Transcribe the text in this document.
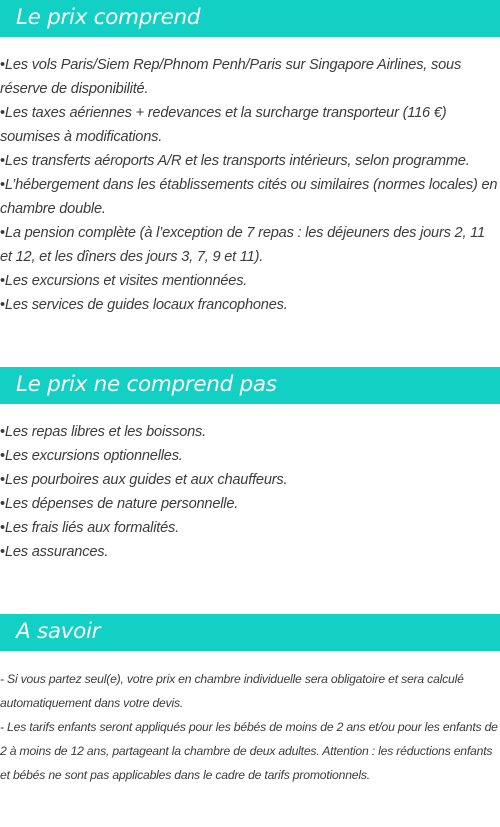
Le prix comprend
• Les vols Paris/Siem Rep/Phnom Penh/Paris sur Singapore Airlines, sous réserve de disponibilité.
• Les taxes aériennes + redevances et la surcharge transporteur (116 €) soumises à modifications.
• Les transferts aéroports A/R et les transports intérieurs, selon programme.
• L’hébergement dans les établissements cités ou similaires (normes locales) en chambre double.
• La pension complète (à l’exception de 7 repas : les déjeuners des jours 2, 11 et 12, et les dîners des jours 3, 7, 9 et 11).
• Les excursions et visites mentionnées.
• Les services de guides locaux francophones.
Le prix ne comprend pas
• Les repas libres et les boissons.
• Les excursions optionnelles.
• Les pourboires aux guides et aux chauffeurs.
• Les dépenses de nature personnelle.
• Les frais liés aux formalités.
• Les assurances.
A savoir

- Si vous partez seul(e), votre prix en chambre individuelle sera obligatoire et sera calculé automatiquement dans votre devis.

- Les tarifs enfants seront appliqués pour les bébés de moins de 2 ans et/ou pour les enfants de 2 à moins de 12 ans, partageant la chambre de deux adultes. Attention : les réductions enfants et bébés ne sont pas applicables dans le cadre de tarifs promotionnels.
